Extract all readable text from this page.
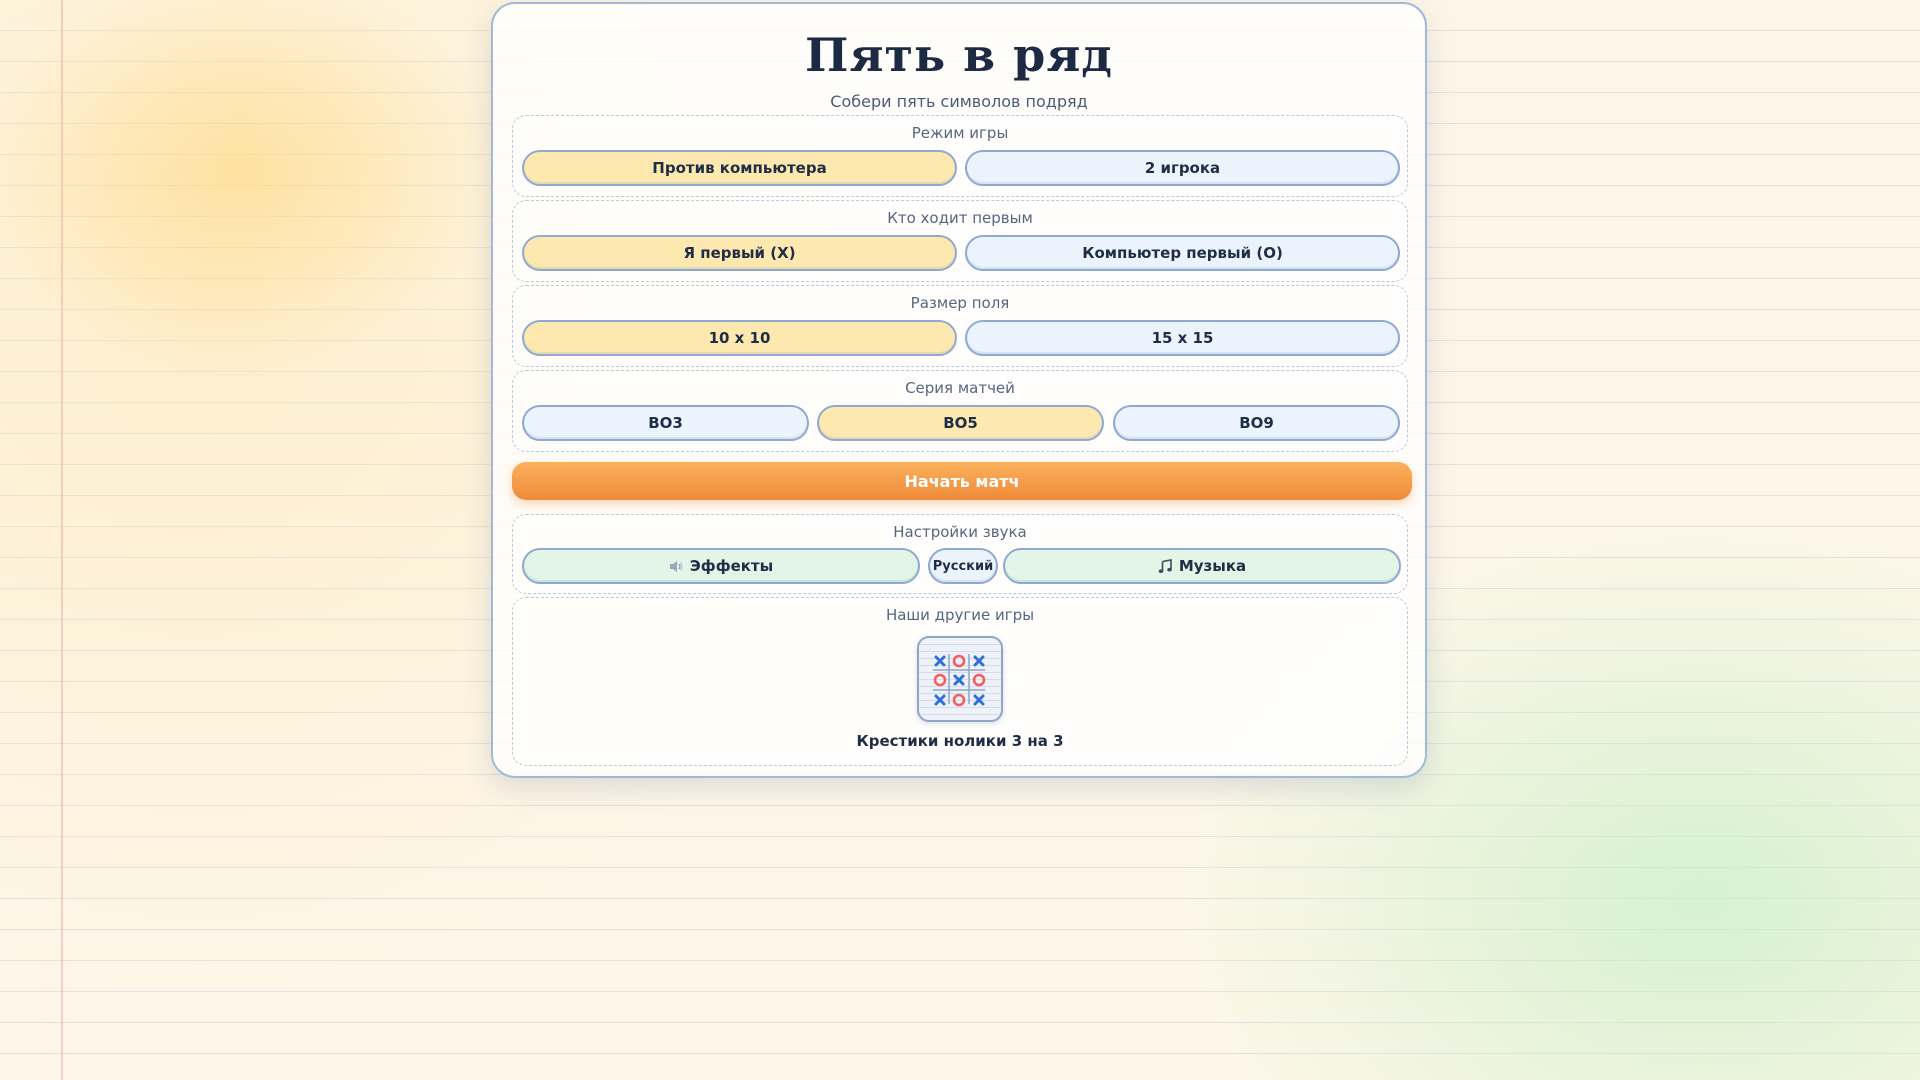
Пять в ряд
Собери пять символов подряд
Режим игры
Против компьютера	2 игрока
Кто ходит первым
Я первый (X)	Компьютер первый (O)
Размер поля
10 x 10	15 x 15
Серия матчей
BO3	BO5	BO9
Начать матч
Настройки звука
Эффекты	Русский	Музыка
Наши другие игры
Крестики нолики 3 на 3
